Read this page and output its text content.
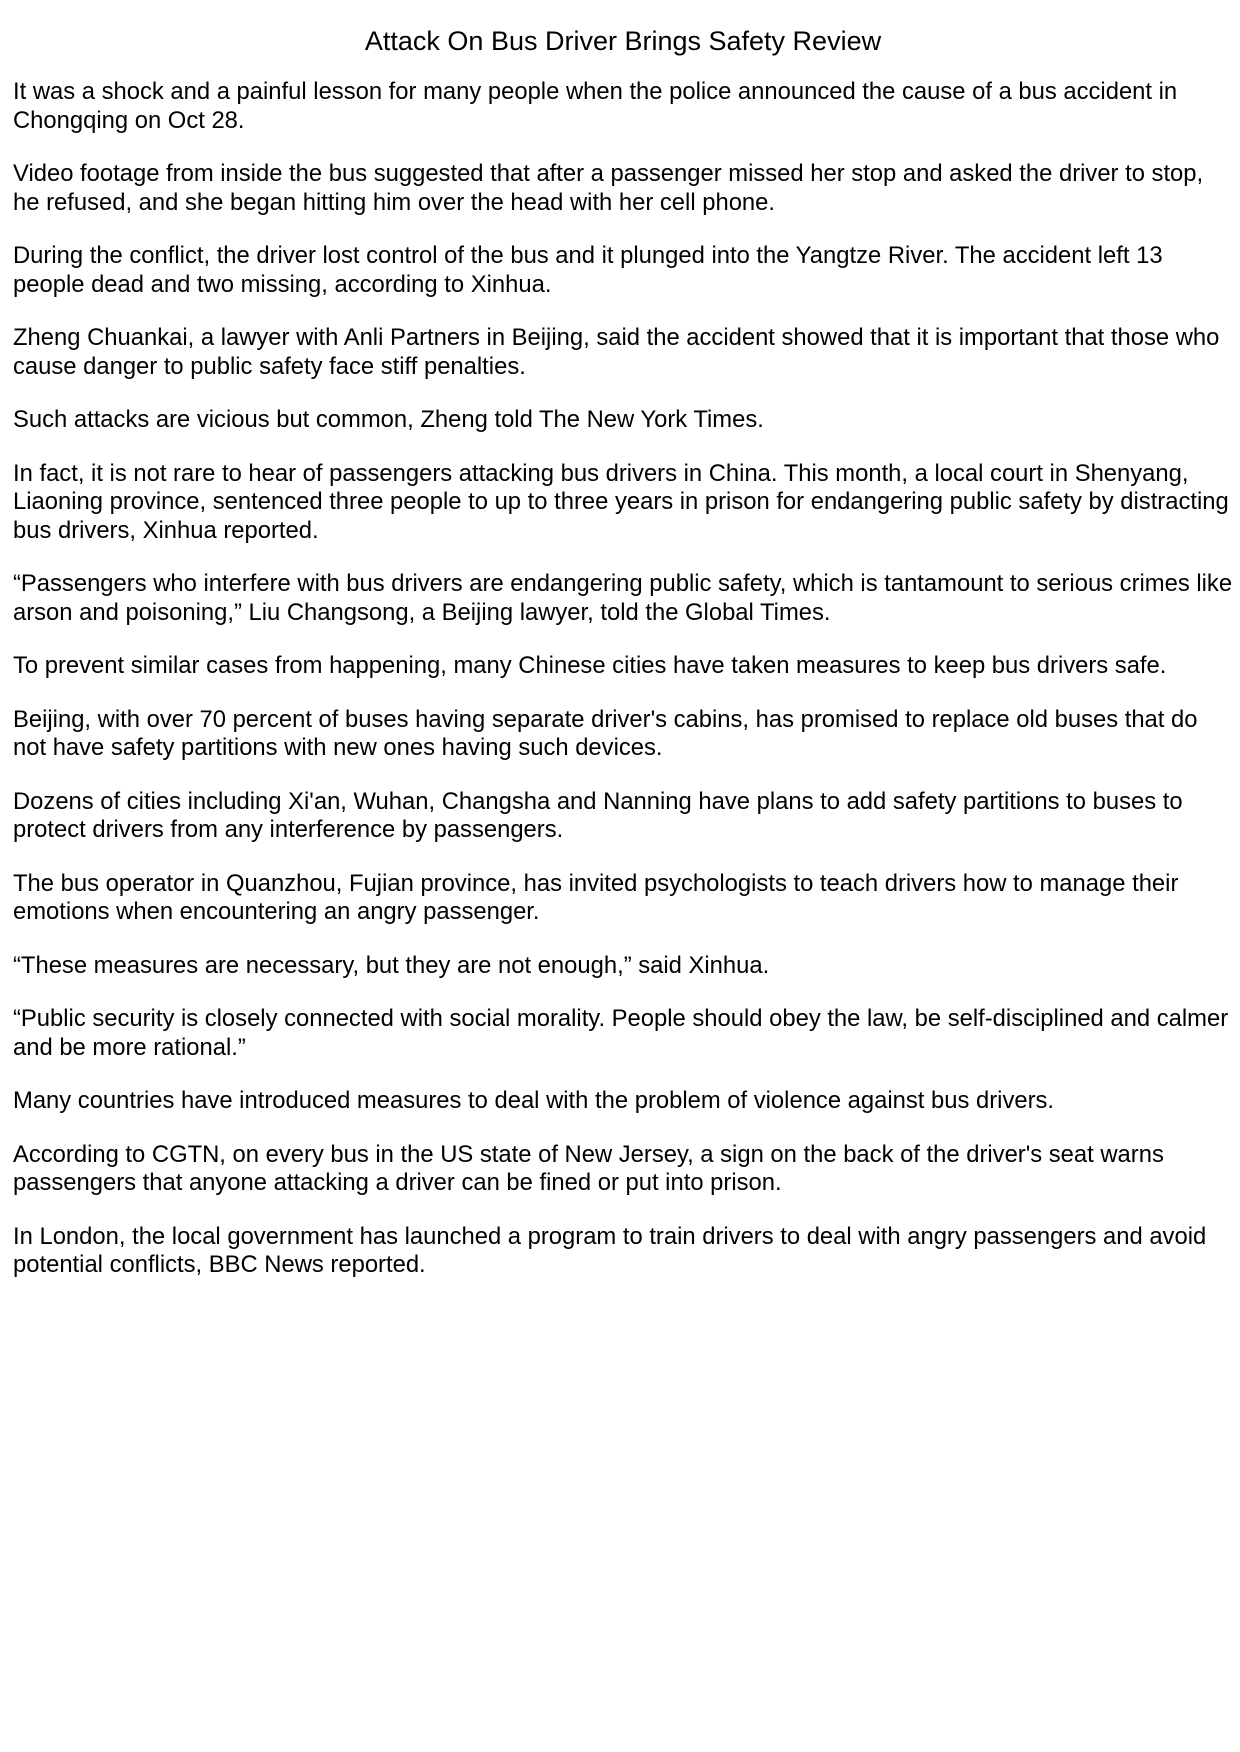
Attack On Bus Driver Brings Safety Review

It was a shock and a painful lesson for many people when the police announced the cause of a bus accident in Chongqing on Oct 28.

Video footage from inside the bus suggested that after a passenger missed her stop and asked the driver to stop, he refused, and she began hitting him over the head with her cell phone.

During the conflict, the driver lost control of the bus and it plunged into the Yangtze River. The accident left 13 people dead and two missing, according to Xinhua.

Zheng Chuankai, a lawyer with Anli Partners in Beijing, said the accident showed that it is important that those who cause danger to public safety face stiff penalties.

Such attacks are vicious but common, Zheng told The New York Times.

In fact, it is not rare to hear of passengers attacking bus drivers in China. This month, a local court in Shenyang, Liaoning province, sentenced three people to up to three years in prison for endangering public safety by distracting bus drivers, Xinhua reported.

“Passengers who interfere with bus drivers are endangering public safety, which is tantamount to serious crimes like arson and poisoning,” Liu Changsong, a Beijing lawyer, told the Global Times.

To prevent similar cases from happening, many Chinese cities have taken measures to keep bus drivers safe.

Beijing, with over 70 percent of buses having separate driver's cabins, has promised to replace old buses that do not have safety partitions with new ones having such devices.

Dozens of cities including Xi'an, Wuhan, Changsha and Nanning have plans to add safety partitions to buses to protect drivers from any interference by passengers.

The bus operator in Quanzhou, Fujian province, has invited psychologists to teach drivers how to manage their emotions when encountering an angry passenger.

“These measures are necessary, but they are not enough,” said Xinhua.

“Public security is closely connected with social morality. People should obey the law, be self-disciplined and calmer and be more rational.”

Many countries have introduced measures to deal with the problem of violence against bus drivers.

According to CGTN, on every bus in the US state of New Jersey, a sign on the back of the driver's seat warns passengers that anyone attacking a driver can be fined or put into prison.

In London, the local government has launched a program to train drivers to deal with angry passengers and avoid potential conflicts, BBC News reported.
